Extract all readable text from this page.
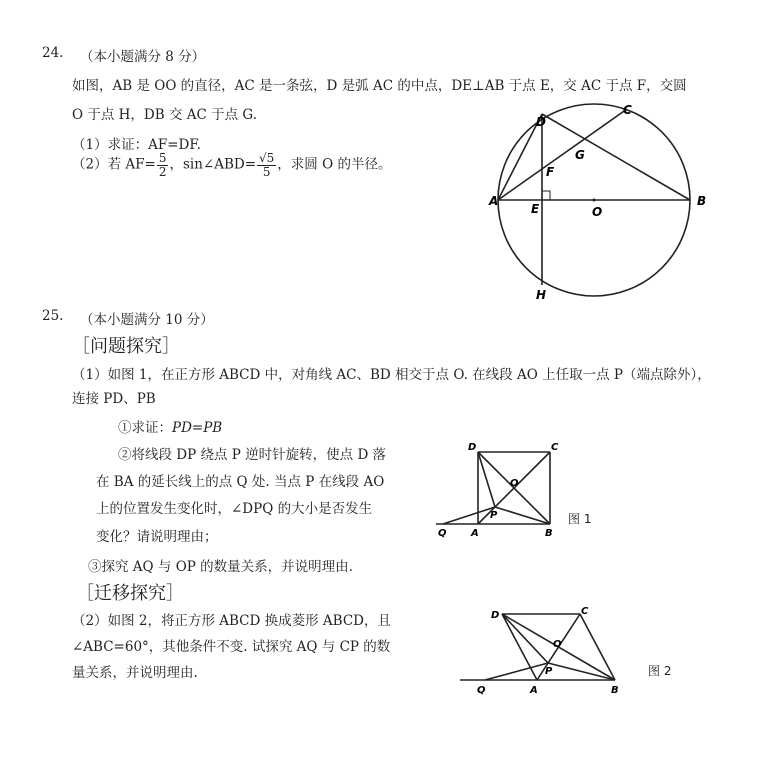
24. （本小题满分 8 分）
如图，AB 是 OO 的直径，AC 是一条弦，D 是弧 AC 的中点，DE⊥AB 于点 E，交 AC 于点 F，交圆
O 于点 H，DB 交 AC 于点 G.
（1）求证：AF=DF.
（2）若 $AF= \frac{5}{2}$ ，sin∠ABD= $\frac{√5}{5}$ ，求圆 O 的半径。
D
C
G
F
A
E	O
B
H
25. （本小题满分 10 分）
［问题探究］
（1）如图 1，在正方形 ABCD 中，对角线 AC、BD 相交于点 O. 在线段 AO 上任取一点 P（端点除外），
连接 PD、PB
①求证：PD=PB
②将线段 DP 绕点 P 逆时针旋转，使点 D 落
在 BA 的延长线上的点 Q 处. 当点 P 在线段 AO
上的位置发生变化时，∠DPQ 的大小是否发生
变化？请说明理由；
③探究 AQ 与 OP 的数量关系，并说明理由.
［迁移探究］
（2）如图 2，将正方形 ABCD 换成菱形 ABCD，且
∠ABC=60°，其他条件不变. 试探究 AQ 与 CP 的数
量关系，并说明理由.
D	C
O
P
Q A	B
图 1
D	C
O
P
Q	A	B
图 2
